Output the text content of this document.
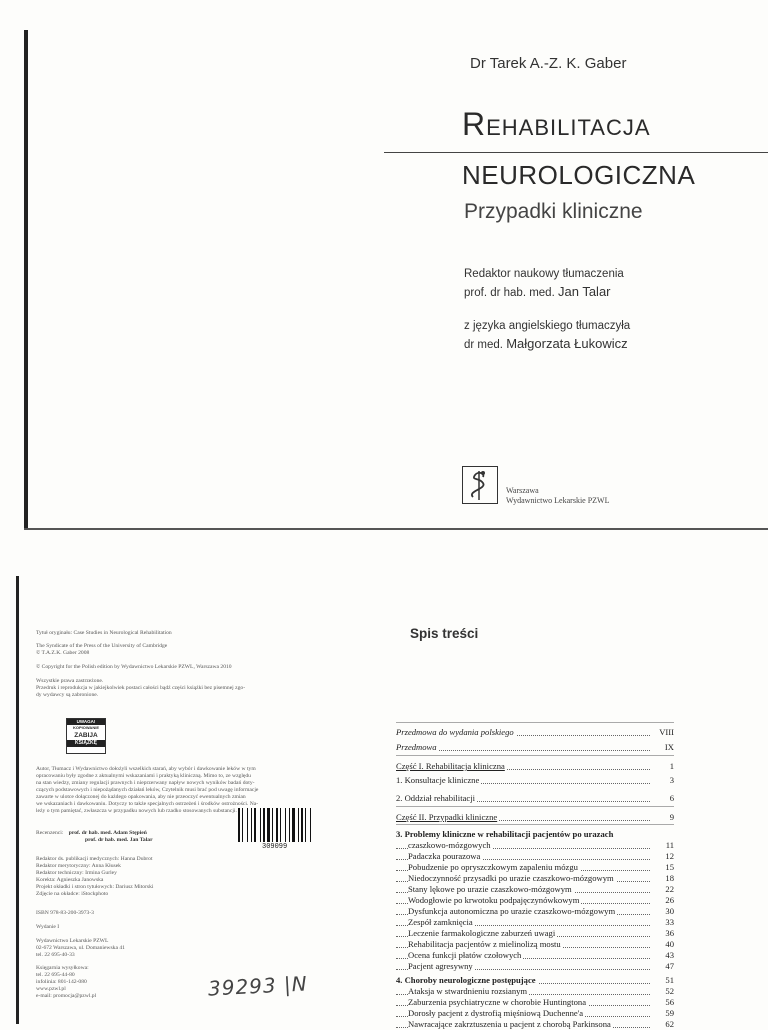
Dr Tarek A.-Z. K. Gaber
Rehabilitacja
NEUROLOGICZNA
Przypadki kliniczne
Redaktor naukowy tłumaczenia
prof. dr hab. med. Jan Talar
z języka angielskiego tłumaczyła
dr med. Małgorzata Łukowicz
Warszawa
Wydawnictwo Lekarskie PZWL
Tytuł oryginału: Case Studies in Neurological Rehabilitation
The Syndicate of the Press of the University of Cambridge
© T.A.Z.K. Gaber 2008
© Copyright for the Polish edition by Wydawnictwo Lekarskie PZWL, Warszawa 2010
Wszystkie prawa zastrzeżone.
Przedruk i reprodukcja w jakiejkolwiek postaci całości bądź części książki bez pisemnej zgo-
dy wydawcy są zabronione.
UWAGA!
KOPIOWANIE
ZABIJA
KSIĄŻKĘ
Autor, Tłumacz i Wydawnictwo dołożyli wszelkich starań, aby wybór i dawkowanie leków w tym
opracowaniu były zgodne z aktualnymi wskazaniami i praktyką kliniczną. Mimo to, ze względu
na stan wiedzy, zmiany regulacji prawnych i nieprzerwany napływ nowych wyników badań doty-
czących podstawowych i niepożądanych działań leków, Czytelnik musi brać pod uwagę informacje
zawarte w ulotce dołączonej do każdego opakowania, aby nie przeoczyć ewentualnych zmian
we wskazaniach i dawkowaniu. Dotyczy to także specjalnych ostrzeżeń i środków ostrożności. Na-
leży o tym pamiętać, zwłaszcza w przypadku nowych lub rzadko stosowanych substancji.
Recenzenci: prof. dr hab. med. Adam Stępień
prof. dr hab. med. Jan Talar
309099
Redaktor ds. publikacji medycznych: Hanna Dubrot
Redaktor merytoryczny: Anna Kłusek
Redaktor techniczny: Irmina Gurley
Korekta: Agnieszka Janowska
Projekt okładki i stron tytułowych: Dariusz Mitorski
Zdjęcie na okładce: iStockphoto
ISBN 978-83-200-3973-3
Wydanie I
Wydawnictwo Lekarskie PZWL
02-672 Warszawa, ul. Domaniewska 41
tel. 22 695-40-33
Księgarnia wysyłkowa:
tel. 22 695-44-80
infolinia: 801-142-080
www.pzwl.pl
e-mail: promocja@pzwl.pl	39293 |N
Spis treści
Przedmowa do wydania polskiego	VIII
Przedmowa	IX
Część I. Rehabilitacja kliniczna	1
1. Konsultacje kliniczne	3
2. Oddział rehabilitacji	6
Część II. Przypadki kliniczne	9
3. Problemy kliniczne w rehabilitacji pacjentów po urazach
czaszkowo-mózgowych	11
Padaczka pourazowa	12
Pobudzenie po opryszczkowym zapaleniu mózgu	15
Niedoczynność przysadki po urazie czaszkowo-mózgowym	18
Stany lękowe po urazie czaszkowo-mózgowym	22
Wodogłowie po krwotoku podpajęczynówkowym	26
Dysfunkcja autonomiczna po urazie czaszkowo-mózgowym	30
Zespół zamknięcia	33
Leczenie farmakologiczne zaburzeń uwagi	36
Rehabilitacja pacjentów z mielinolizą mostu	40
Ocena funkcji płatów czołowych	43
Pacjent agresywny	47
4. Choroby neurologiczne postępujące	51
Ataksja w stwardnieniu rozsianym	52
Zaburzenia psychiatryczne w chorobie Huntingtona	56
Dorosły pacjent z dystrofią mięśniową Duchenne'a	59
Nawracające zakrztuszenia u pacjent z chorobą Parkinsona	62
